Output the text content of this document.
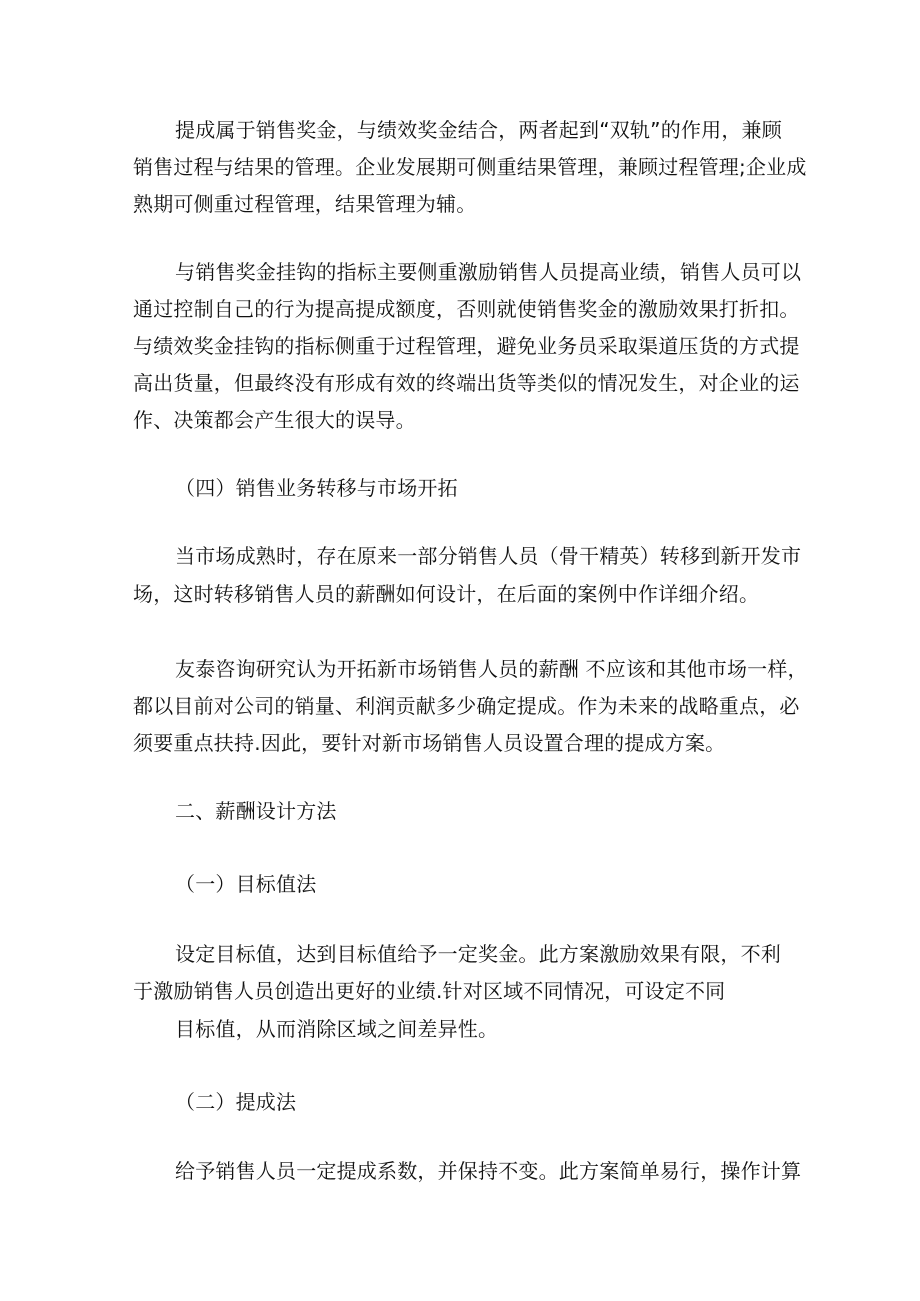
提成属于销售奖金，与绩效奖金结合，两者起到“双轨”的作用，兼顾
销售过程与结果的管理。企业发展期可侧重结果管理，兼顾过程管理;企业成
熟期可侧重过程管理，结果管理为辅。
与销售奖金挂钩的指标主要侧重激励销售人员提高业绩，销售人员可以
通过控制自己的行为提高提成额度，否则就使销售奖金的激励效果打折扣。
与绩效奖金挂钩的指标侧重于过程管理，避免业务员采取渠道压货的方式提
高出货量，但最终没有形成有效的终端出货等类似的情况发生，对企业的运
作、决策都会产生很大的误导。
（四）销售业务转移与市场开拓
当市场成熟时，存在原来一部分销售人员（骨干精英）转移到新开发市
场，这时转移销售人员的薪酬如何设计，在后面的案例中作详细介绍。
友泰咨询研究认为开拓新市场销售人员的薪酬 不应该和其他市场一样，
都以目前对公司的销量、利润贡献多少确定提成。作为未来的战略重点，必
须要重点扶持.因此，要针对新市场销售人员设置合理的提成方案。
二、薪酬设计方法
（一）目标值法
设定目标值，达到目标值给予一定奖金。此方案激励效果有限，不利
于激励销售人员创造出更好的业绩.针对区域不同情况，可设定不同
目标值，从而消除区域之间差异性。
（二）提成法
给予销售人员一定提成系数，并保持不变。此方案简单易行，操作计算
